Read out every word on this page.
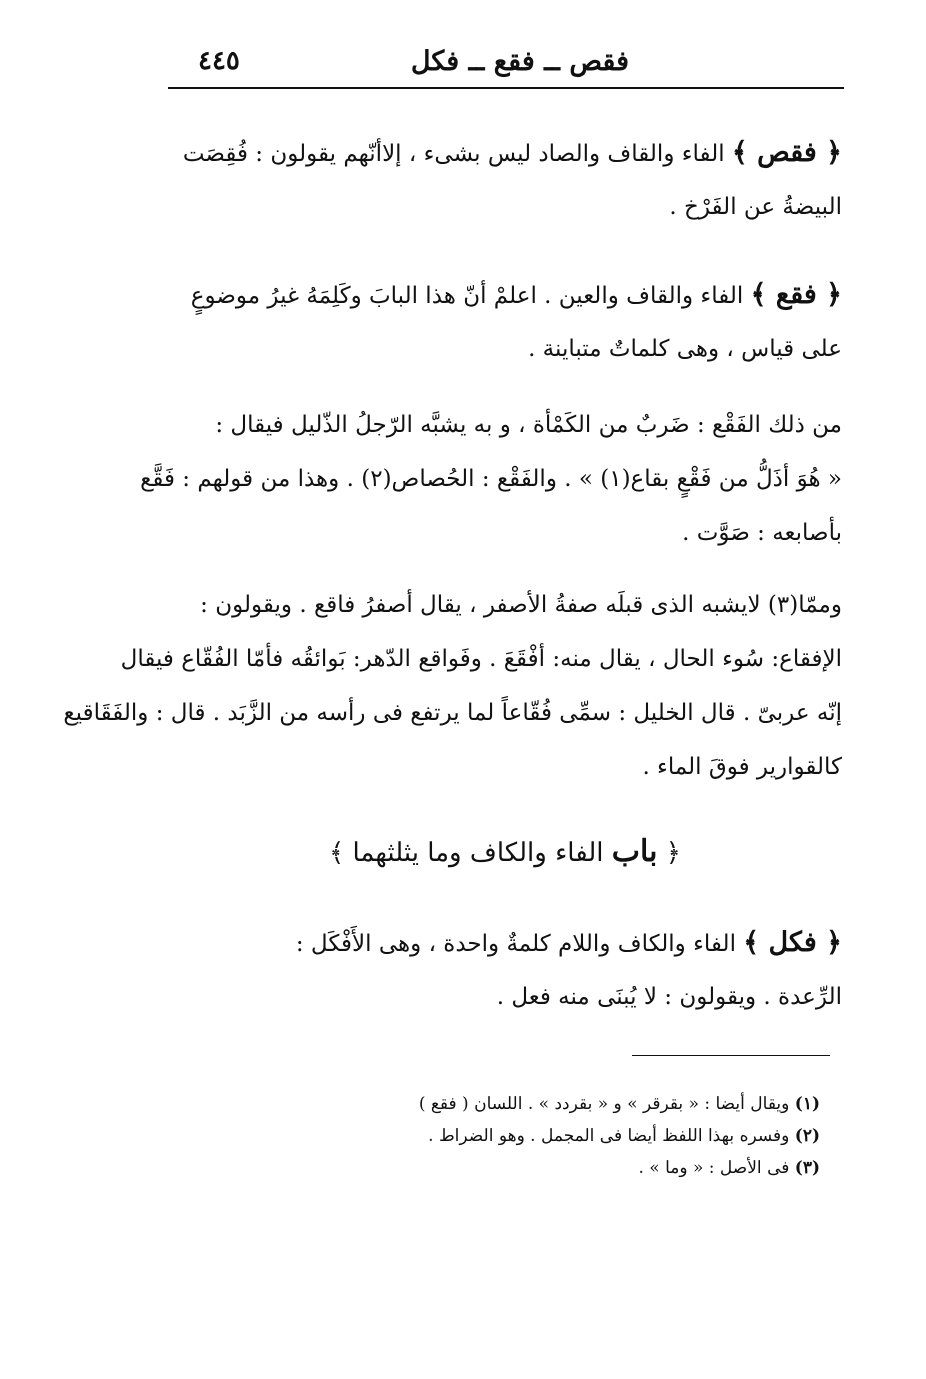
فقص ــ فقع ــ فكل
٤٤٥
﴿ فقص ﴾ الفاء والقاف والصاد ليس بشىء ، إلاأنّهم يقولون : فُقِصَت
البيضةُ عن الفَرْخ .
﴿ فقع ﴾ الفاء والقاف والعين . اعلمْ أنّ هذا البابَ وكَلِمَهُ غيرُ موضوعٍ
على قياس ، وهى كلماتٌ متباينة .
من ذلك الفَقْع : ضَربٌ من الكَمْأة ، و به يشبَّه الرّجلُ الذّليل فيقال :
« هُوَ أذَلُّ من فَقْعٍ بقاع(١) » . والفَقْع : الحُصاص(٢) . وهذا من قولهم : فَقَّع
بأصابعه : صَوَّت .
وممّا(٣) لايشبه الذى قبلَه صفةُ الأصفر ، يقال أصفرُ فاقع . ويقولون :
الإفقاع: سُوء الحال ، يقال منه: أفْقَعَ . وفَواقع الدّهر: بَوائقُه فأمّا الفُقّاع فيقال
إنّه عربىّ . قال الخليل : سمِّى فُقّاعاً لما يرتفع فى رأسه من الزَّبَد . قال : والفَقَاقيع
كالقوارير فوقَ الماء .
﴿ باب الفاء والكاف وما يثلثهما ﴾
﴿ فكل ﴾ الفاء والكاف واللام كلمةٌ واحدة ، وهى الأَفْكَل :
الرِّعدة . ويقولون : لا يُبنَى منه فعل .
(١) ويقال أيضا : « بقرقر » و « بقردد » . اللسان ( فقع )
(٢) وفسره بهذا اللفظ أيضا فى المجمل . وهو الضراط .
(٣) فى الأصل : « وما » .
